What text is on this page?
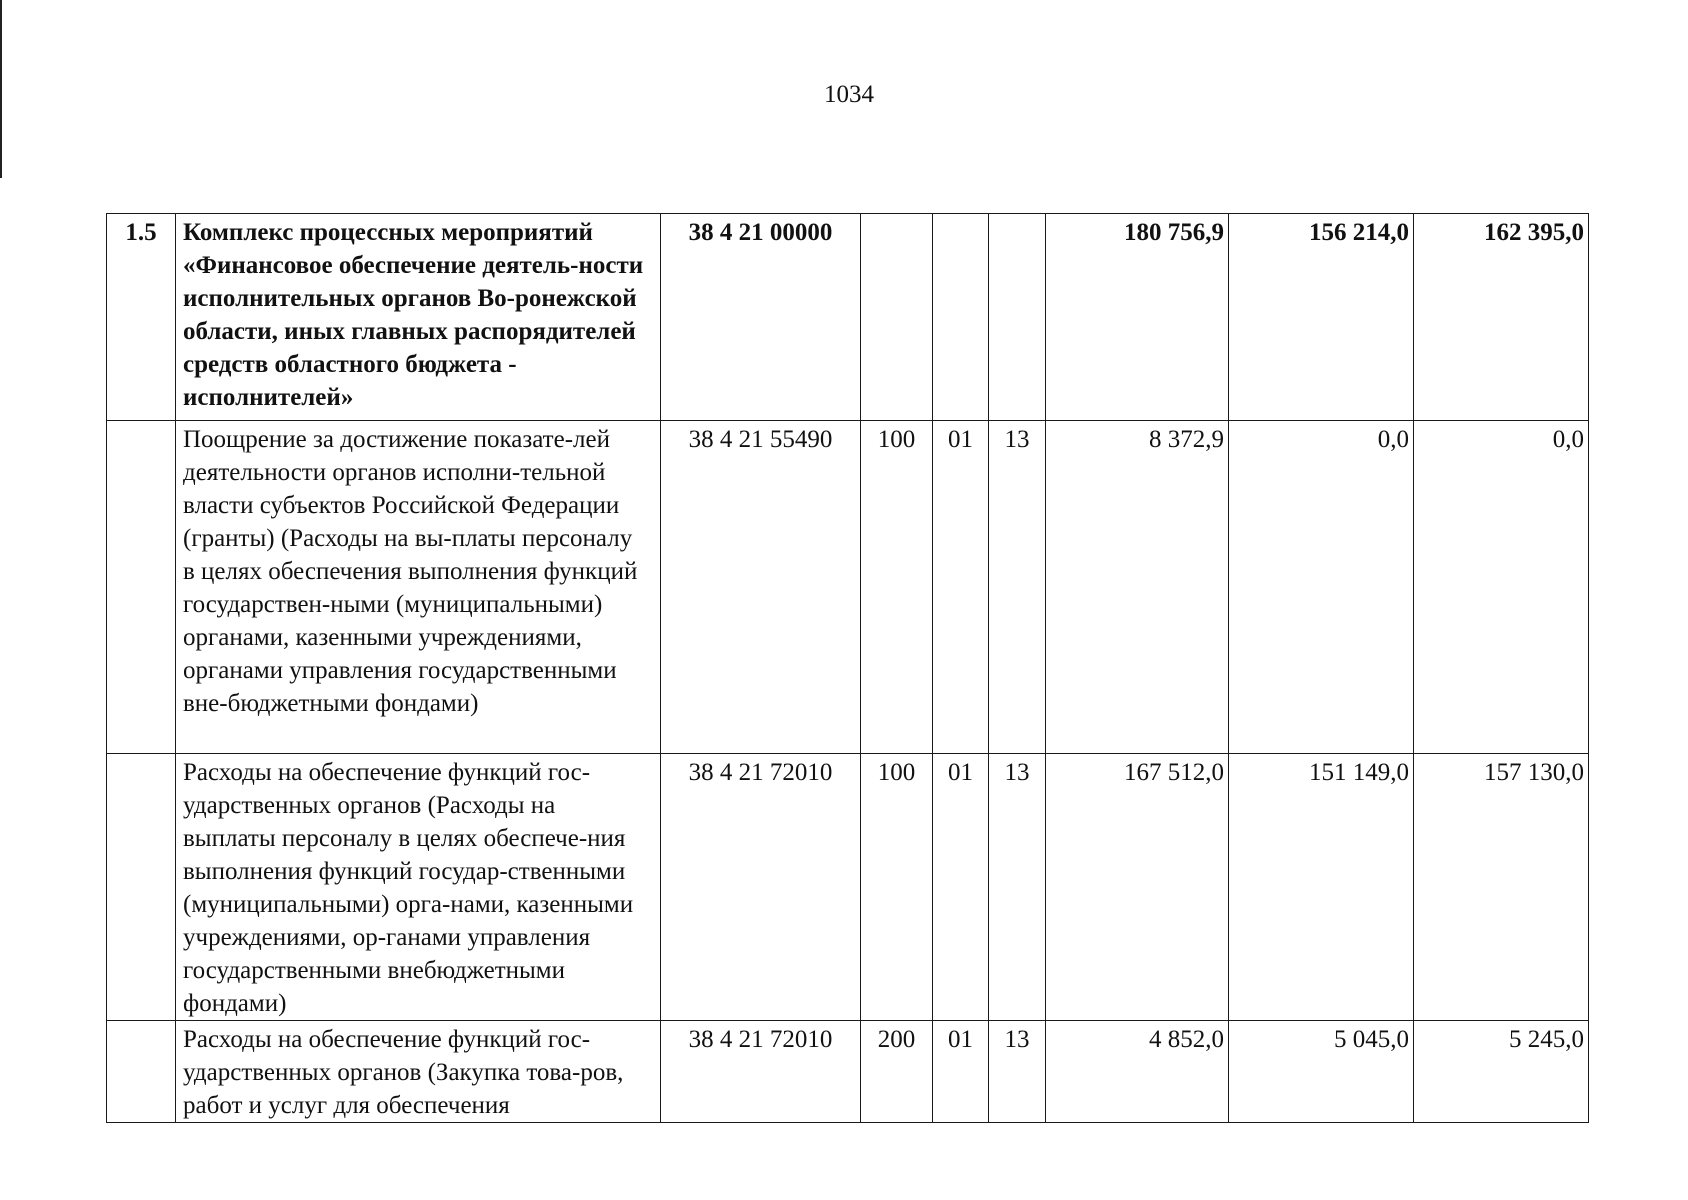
1034
1.5	Комплекс процессных мероприятий «Финансовое обеспечение деятель-ности исполнительных органов Во-ронежской области, иных главных распорядителей средств областного бюджета - исполнителей»	38 4 21 00000				180 756,9	156 214,0	162 395,0
	Поощрение за достижение показате-лей деятельности органов исполни-тельной власти субъектов Российской Федерации (гранты) (Расходы на вы-платы персоналу в целях обеспечения выполнения функций государствен-ными (муниципальными) органами, казенными учреждениями, органами управления государственными вне-бюджетными фондами)	38 4 21 55490	100	01	13	8 372,9	0,0	0,0
	Расходы на обеспечение функций гос-ударственных органов (Расходы на выплаты персоналу в целях обеспече-ния выполнения функций государ-ственными (муниципальными) орга-нами, казенными учреждениями, ор-ганами управления государственными внебюджетными фондами)	38 4 21 72010	100	01	13	167 512,0	151 149,0	157 130,0
	Расходы на обеспечение функций гос-ударственных органов (Закупка това-ров, работ и услуг для обеспечения	38 4 21 72010	200	01	13	4 852,0	5 045,0	5 245,0
